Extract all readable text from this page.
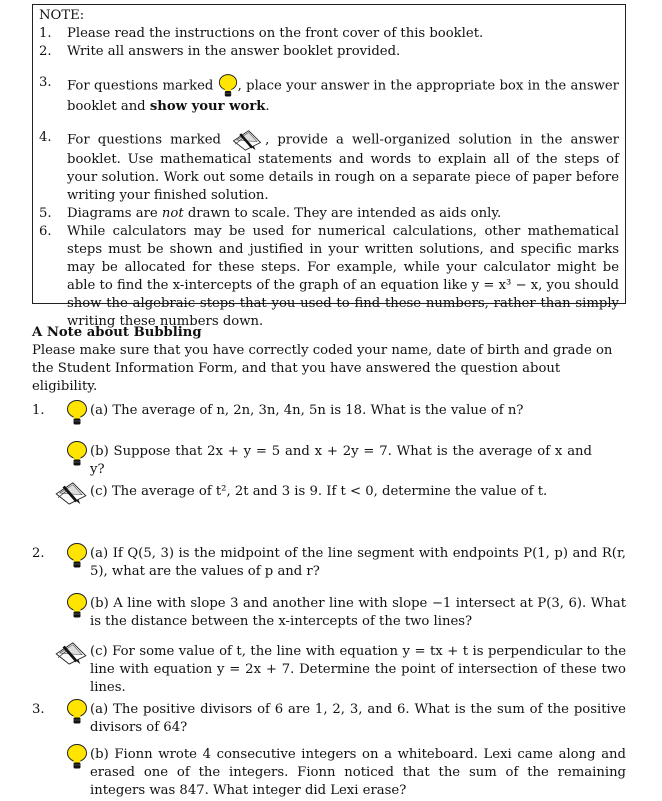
NOTE:
1. Please read the instructions on the front cover of this booklet.
2. Write all answers in the answer booklet provided.
3. For questions marked , place your answer in the appropriate box in the answer booklet and show your work.
4. For questions marked	, provide a well-organized solution in the answer booklet. Use mathematical statements and words to explain all of the steps of your solution. Work out some details in rough on a separate piece of paper before writing your finished solution.
5. Diagrams are not drawn to scale. They are intended as aids only.
6. While calculators may be used for numerical calculations, other mathematical steps must be shown and justified in your written solutions, and specific marks may be allocated for these steps. For example, while your calculator might be able to find the x-intercepts of the graph of an equation like y = x³ − x, you should show the algebraic steps that you used to find these numbers, rather than simply writing these numbers down.
A Note about Bubbling
Please make sure that you have correctly coded your name, date of birth and grade on the Student Information Form, and that you have answered the question about eligibility.
1.	(a) The average of n, 2n, 3n, 4n, 5n is 18. What is the value of n?
(b) Suppose that 2x + y = 5 and x + 2y = 7. What is the average of x and y?
(c) The average of t², 2t and 3 is 9. If t < 0, determine the value of t.
2.	(a) If Q(5, 3) is the midpoint of the line segment with endpoints P(1, p) and R(r, 5), what are the values of p and r?
(b) A line with slope 3 and another line with slope −1 intersect at P(3, 6). What is the distance between the x-intercepts of the two lines?
(c) For some value of t, the line with equation y = tx + t is perpendicular to the line with equation y = 2x + 7. Determine the point of intersection of these two lines.
3.	(a) The positive divisors of 6 are 1, 2, 3, and 6. What is the sum of the positive divisors of 64?
(b) Fionn wrote 4 consecutive integers on a whiteboard. Lexi came along and erased one of the integers. Fionn noticed that the sum of the remaining integers was 847. What integer did Lexi erase?
